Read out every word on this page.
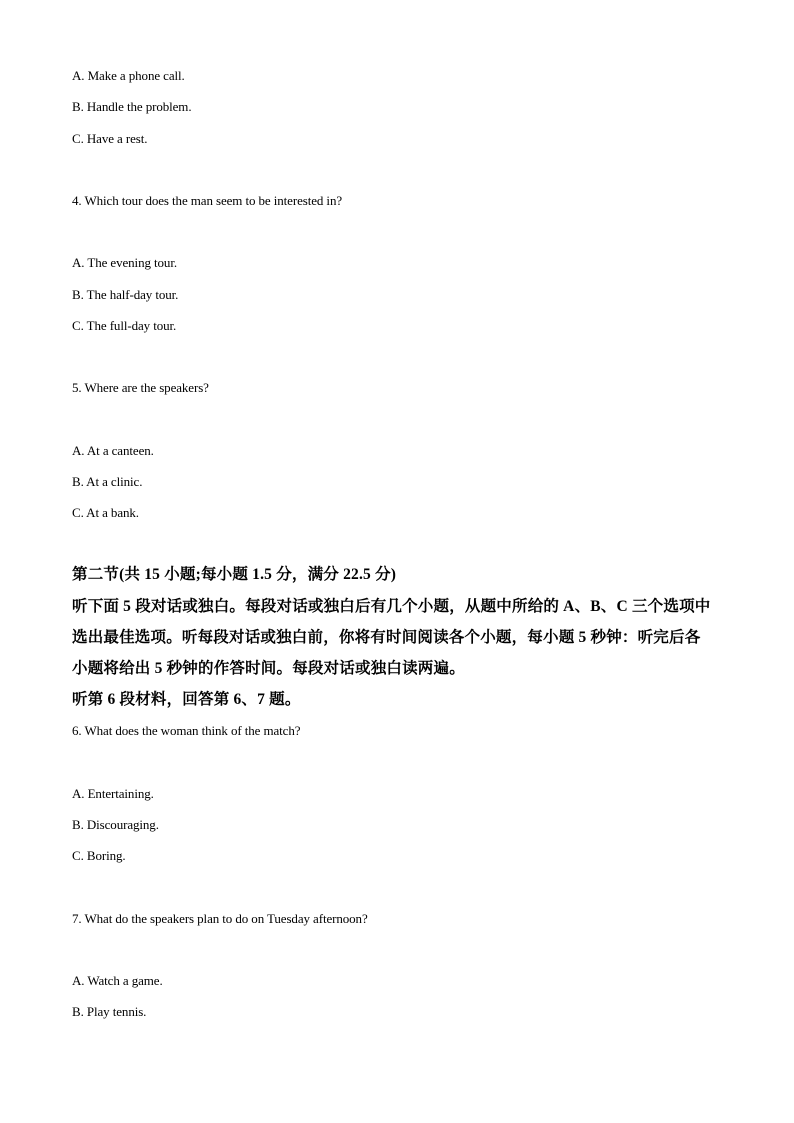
A. Make a phone call.
B. Handle the problem.
C. Have a rest.
4. Which tour does the man seem to be interested in?
A. The evening tour.
B. The half-day tour.
C. The full-day tour.
5. Where are the speakers?
A. At a canteen.
B. At a clinic.
C. At a bank.
第二节(共 15 小题;每小题 1.5 分，满分 22.5 分)
听下面 5 段对话或独白。每段对话或独白后有几个小题，从题中所给的 A、B、C 三个选项中
选出最佳选项。听每段对话或独白前，你将有时间阅读各个小题，每小题 5 秒钟：听完后各
小题将给出 5 秒钟的作答时间。每段对话或独白读两遍。
听第 6 段材料，回答第 6、7 题。
6. What does the woman think of the match?
A. Entertaining.
B. Discouraging.
C. Boring.
7. What do the speakers plan to do on Tuesday afternoon?
A. Watch a game.
B. Play tennis.
